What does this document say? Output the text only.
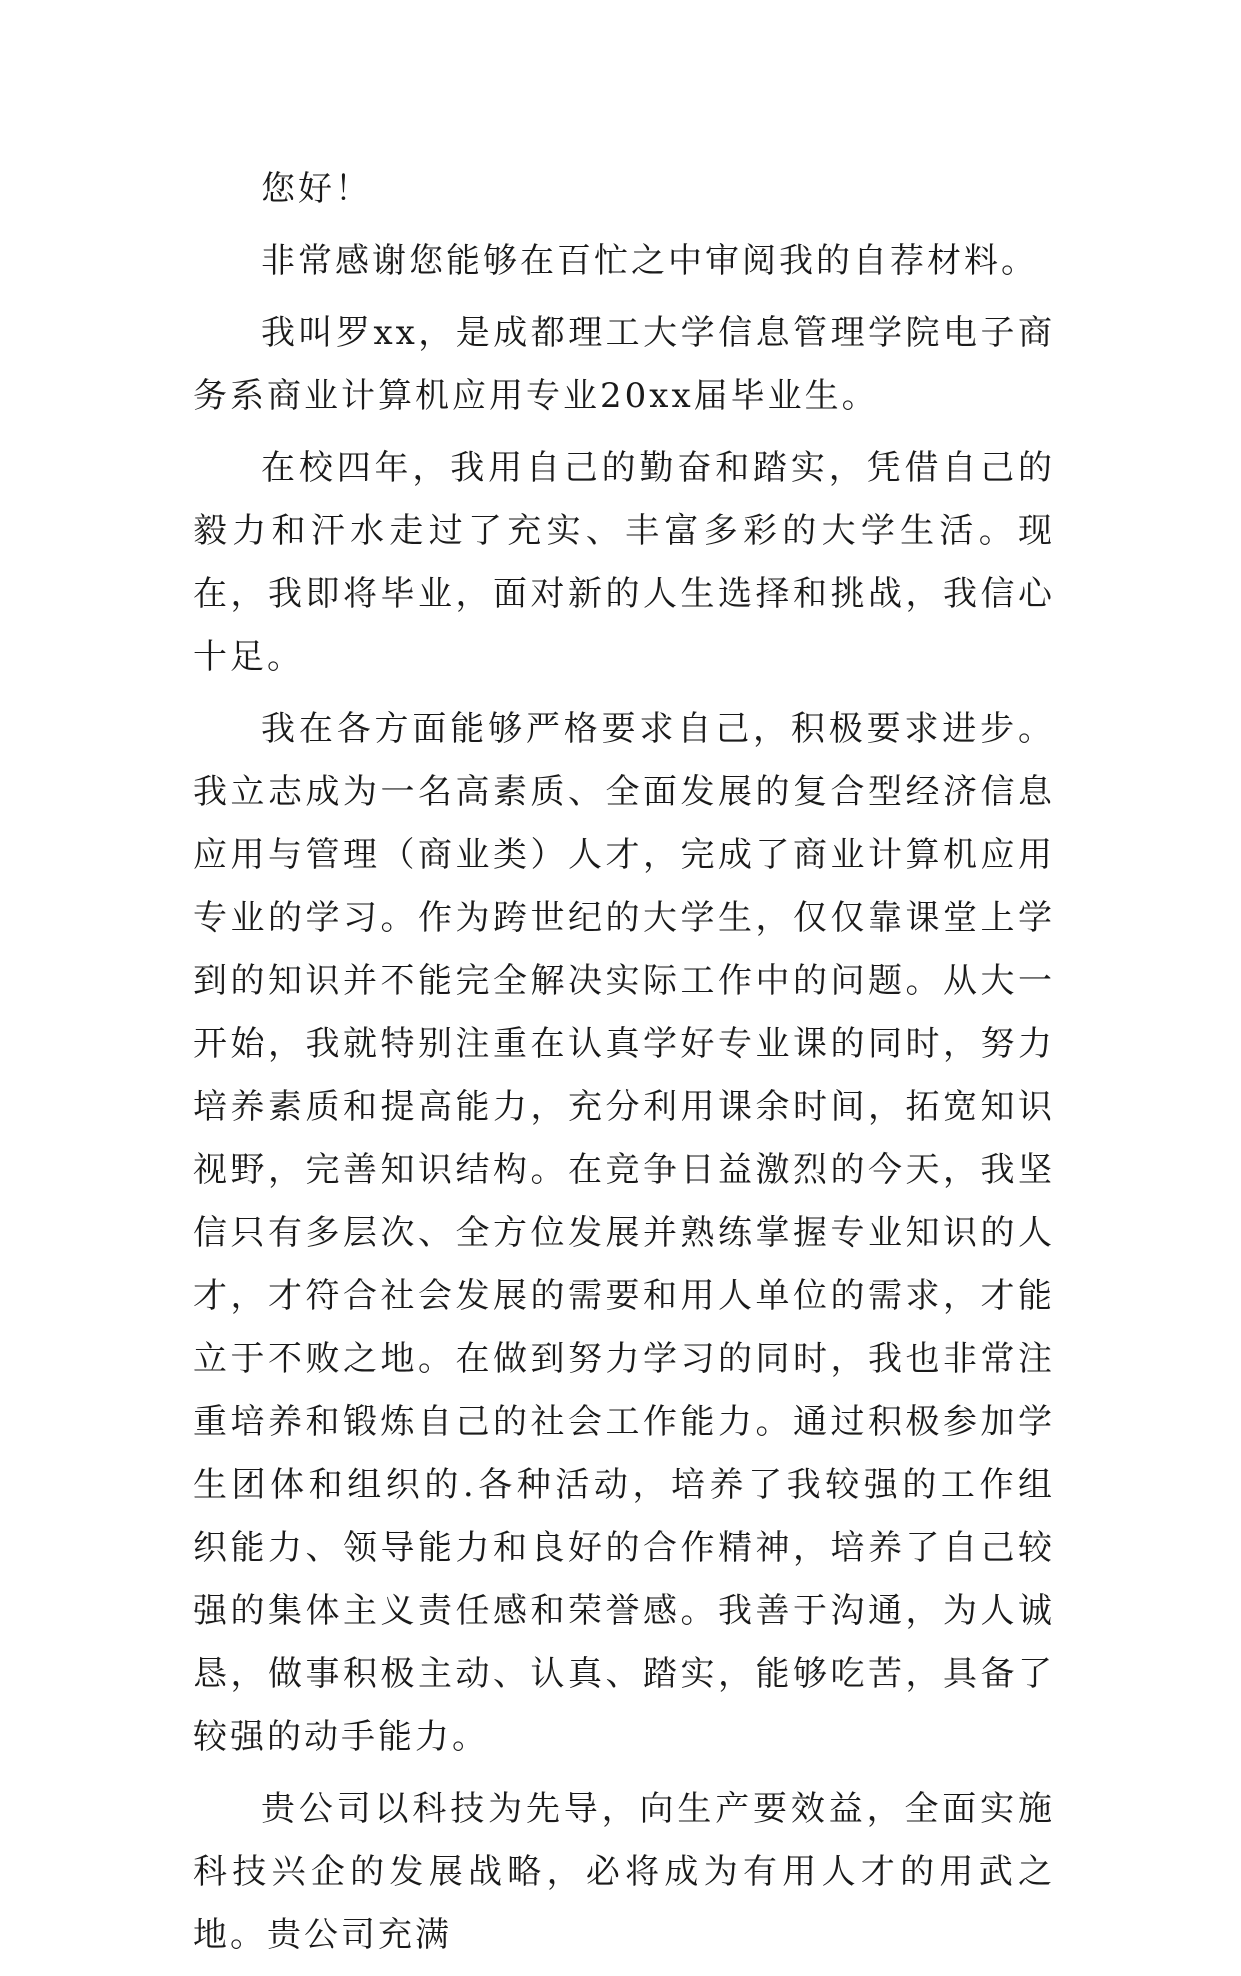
您好！

非常感谢您能够在百忙之中审阅我的自荐材料。

我叫罗xx，是成都理工大学信息管理学院电子商务系商业计算机应用专业20xx届毕业生。

在校四年，我用自己的勤奋和踏实，凭借自己的毅力和汗水走过了充实、丰富多彩的大学生活。现在，我即将毕业，面对新的人生选择和挑战，我信心十足。

我在各方面能够严格要求自己，积极要求进步。我立志成为一名高素质、全面发展的复合型经济信息应用与管理（商业类）人才，完成了商业计算机应用专业的学习。作为跨世纪的大学生，仅仅靠课堂上学到的知识并不能完全解决实际工作中的问题。从大一开始，我就特别注重在认真学好专业课的同时，努力培养素质和提高能力，充分利用课余时间，拓宽知识视野，完善知识结构。在竞争日益激烈的今天，我坚信只有多层次、全方位发展并熟练掌握专业知识的人才，才符合社会发展的需要和用人单位的需求，才能立于不败之地。在做到努力学习的同时，我也非常注重培养和锻炼自己的社会工作能力。通过积极参加学生团体和组织的.各种活动，培养了我较强的工作组织能力、领导能力和良好的合作精神，培养了自己较强的集体主义责任感和荣誉感。我善于沟通，为人诚恳，做事积极主动、认真、踏实，能够吃苦，具备了较强的动手能力。

贵公司以科技为先导，向生产要效益，全面实施科技兴企的发展战略，必将成为有用人才的用武之地。贵公司充满
